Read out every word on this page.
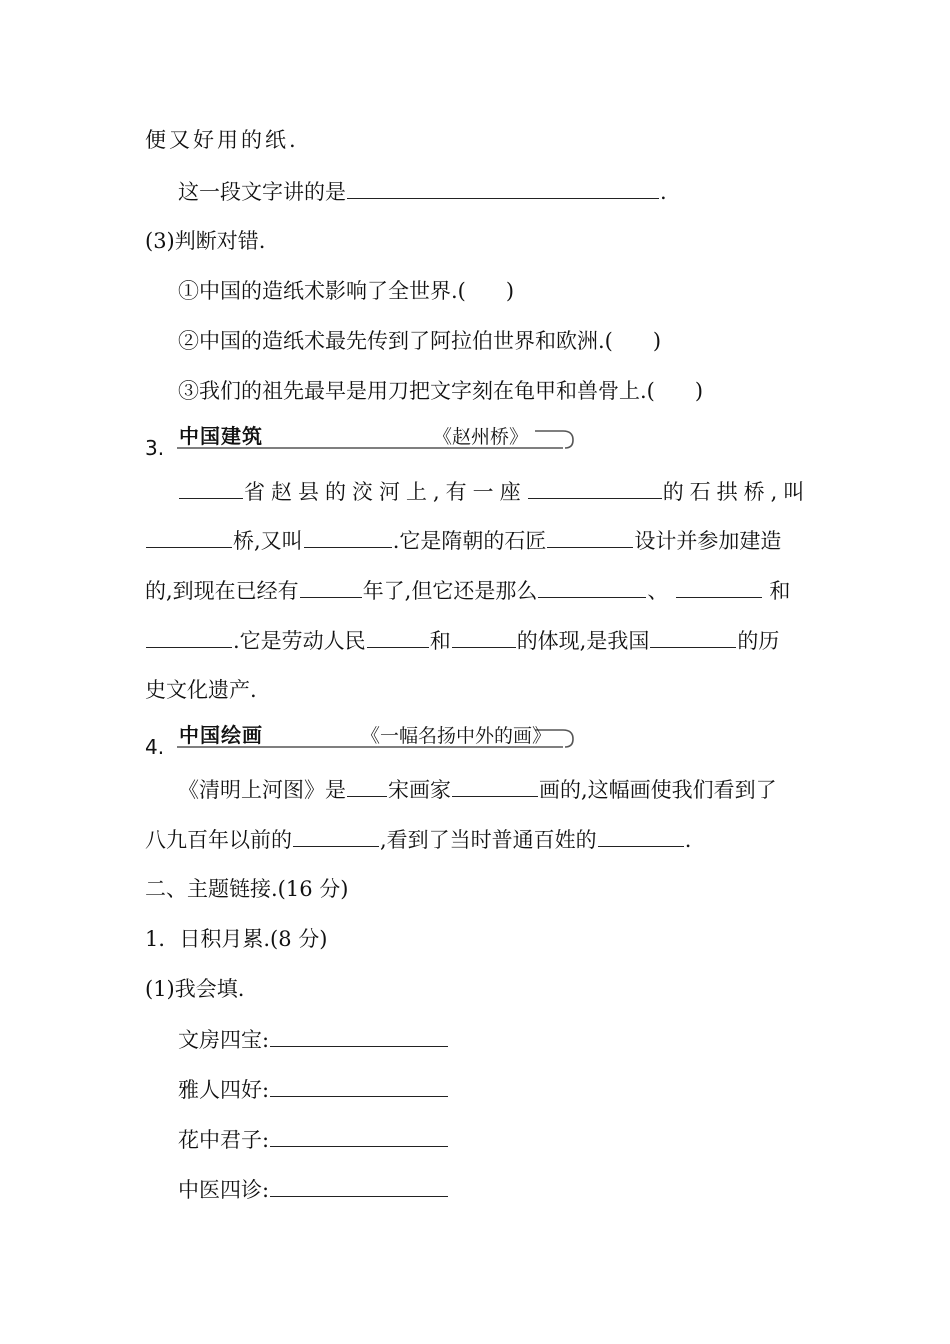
便又好用的纸.
这一段文字讲的是	.
(3)判断对错.
①中国的造纸术影响了全世界.( )
②中国的造纸术最先传到了阿拉伯世界和欧洲.( )
③我们的祖先最早是用刀把文字刻在龟甲和兽骨上.( )
3. 中国建筑	《赵州桥》
省赵县的洨河上,有一座	的石拱桥,叫
桥,又叫	.它是隋朝的石匠	设计并参加建造
的,到现在已经有	年了,但它还是那么	、	和
.它是劳动人民	和	的体现,是我国	的历
史文化遗产.
4. 中国绘画	《一幅名扬中外的画》
《清明上河图》是 宋画家	画的,这幅画使我们看到了
八九百年以前的	,看到了当时普通百姓的	.
二、主题链接.(16 分)
1．日积月累.(8 分)
(1)我会填.
文房四宝:
雅人四好:
花中君子:
中医四诊:
